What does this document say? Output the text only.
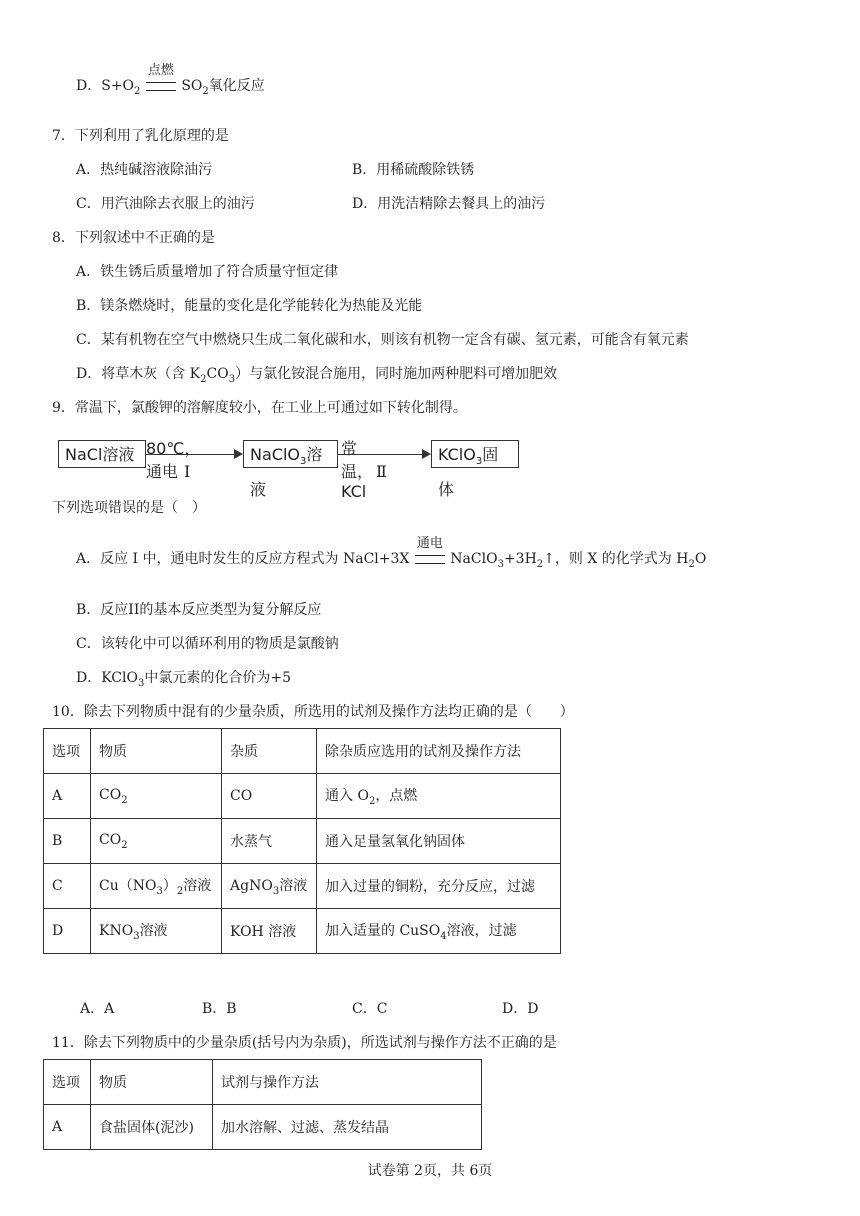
D．$S+O_2$
点燃
$SO_2$氧化反应
7．下列利用了乳化原理的是
A．热纯碱溶液除油污	B．用稀硫酸除铁锈
C．用汽油除去衣服上的油污	D．用洗洁精除去餐具上的油污
8．下列叙述中不正确的是
A．铁生锈后质量增加了符合质量守恒定律
B．镁条燃烧时，能量的变化是化学能转化为热能及光能
C．某有机物在空气中燃烧只生成二氧化碳和水，则该有机物一定含有碳、氢元素，可能含有氧元素
D．将草木灰（含 $K_2CO_3$）与氯化铵混合施用，同时施加两种肥料可增加肥效
9．常温下，氯酸钾的溶解度较小，在工业上可通过如下转化制得。
NaCl溶液 80℃，通电 Ⅰ
NaClO$_3$溶液
常温，KCl
Ⅱ
KClO$_3$固体
下列选项错误的是（　）
A．反应 I 中，通电时发生的反应方程式为 NaCl+3X
通电
$NaClO_3+3H_2↑$，则 X 的化学式为 $H_2O$
B．反应II的基本反应类型为复分解反应
C．该转化中可以循环利用的物质是氯酸钠
D．KClO$_3$中氯元素的化合价为+5
10．除去下列物质中混有的少量杂质，所选用的试剂及操作方法均正确的是（　　）
选项	物质	杂质	除杂质应选用的试剂及操作方法
A	$CO_2$	CO	通入 $O_2$，点燃
B	$CO_2$	水蒸气	通入足量氢氧化钠固体
C	$Cu(NO_3)_2$溶液	AgNO$_3$溶液	加入过量的铜粉，充分反应，过滤
D	$KNO_3$溶液	KOH 溶液	加入适量的 CuSO$_4$溶液，过滤
A．A	B．B	C．C	D．D
11．除去下列物质中的少量杂质(括号内为杂质)，所选试剂与操作方法不正确的是
选项	物质	试剂与操作方法
A	食盐固体(泥沙)	加水溶解、过滤、蒸发结晶
试卷第 2页，共 6页
